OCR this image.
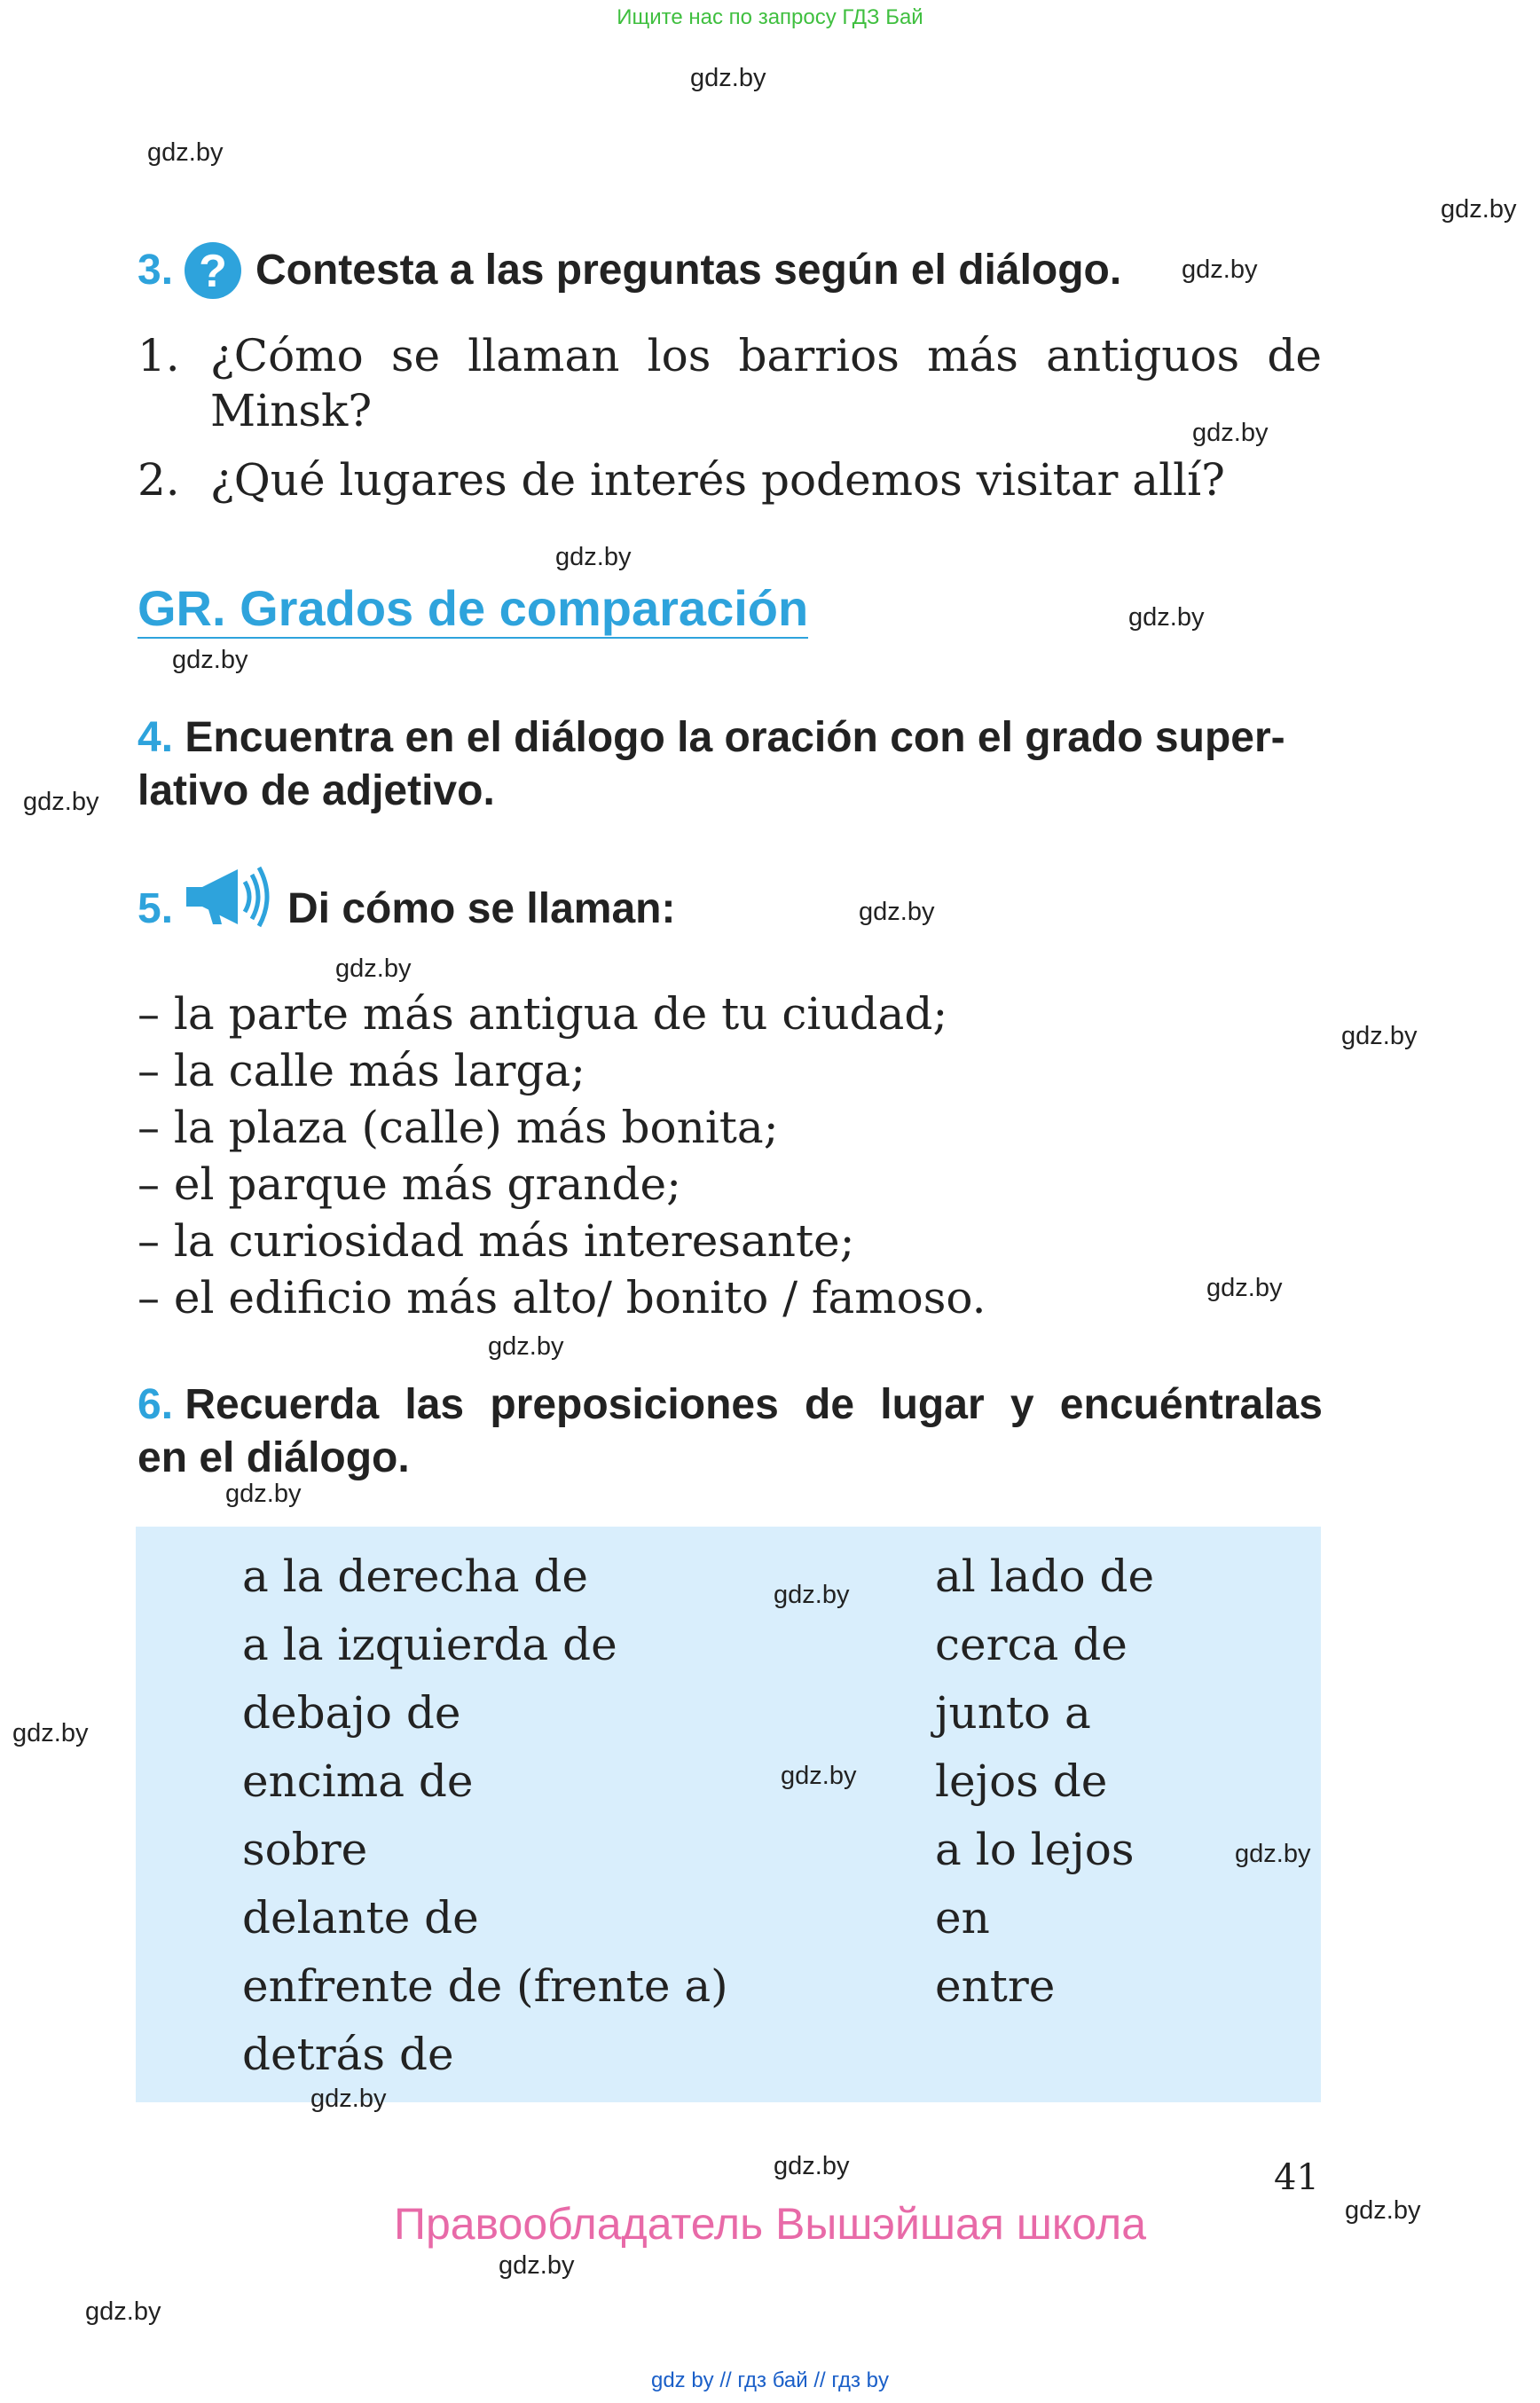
Ищите нас по запросу ГДЗ Бай
gdz.by
gdz.by
gdz.by
gdz.by
gdz.by
gdz.by
gdz.by
gdz.by
gdz.by
gdz.by
gdz.by
gdz.by
gdz.by
gdz.by
gdz.by
3. ? Contesta a las preguntas según el diálogo.
1. ¿Cómo se llaman los barrios más antiguos de
Minsk?
2. ¿Qué lugares de interés podemos visitar allí?
GR. Grados de comparación
4. Encuentra en el diálogo la oración con el grado super-
lativo de adjetivo.
5.	Di cómo se llaman:
– la parte más antigua de tu ciudad;
– la calle más larga;
– la plaza (calle) más bonita;
– el parque más grande;
– la curiosidad más interesante;
– el edificio más alto/ bonito / famoso.
6. Recuerda las preposiciones de lugar y encuéntralas
en el diálogo.
a la derecha de
a la izquierda de
debajo de
encima de
sobre
delante de
enfrente de (frente a)
detrás de
al lado de
cerca de
junto a
lejos de
a lo lejos
en
entre
gdz.by
gdz.by
gdz.by
gdz.by
gdz.by
gdz.by
gdz.by
gdz.by
gdz.by
41
Правообладатель Вышэйшая школа
gdz by // гдз бай // гдз by
